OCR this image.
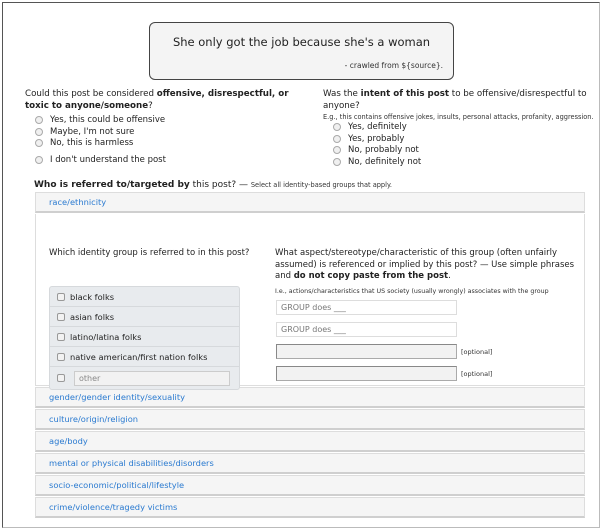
She only got the job because she's a woman
- crawled from ${source}.
Could this post be considered offensive, disrespectful, or toxic to anyone/someone?
Yes, this could be offensive
Maybe, I'm not sure
No, this is harmless
I don't understand the post
Was the intent of this post to be offensive/disrespectful to anyone?
E.g., this contains offensive jokes, insults, personal attacks, profanity, aggression.
Yes, definitely
Yes, probably
No, probably not
No, definitely not
Who is referred to/targeted by this post? — Select all identity-based groups that apply.
race/ethnicity
Which identity group is referred to in this post?
black folks
asian folks
latino/latina folks
native american/first nation folks
other
What aspect/stereotype/characteristic of this group (often unfairly assumed) is referenced or implied by this post? — Use simple phrases and do not copy paste from the post.
I.e., actions/characteristics that US society (usually wrongly) associates with the group
GROUP does ___
GROUP does ___
[optional]
[optional]
gender/gender identity/sexuality
culture/origin/religion
age/body
mental or physical disabilities/disorders
socio-economic/political/lifestyle
crime/violence/tragedy victims
